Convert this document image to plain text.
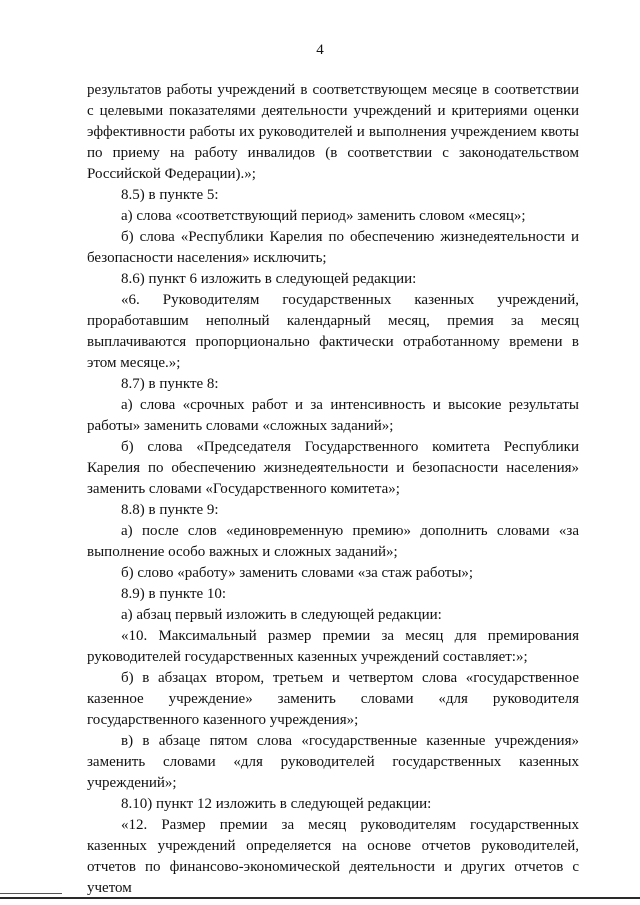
4

результатов работы учреждений в соответствующем месяце в соответствии с целевыми показателями деятельности учреждений и критериями оценки эффективности работы их руководителей и выполнения учреждением квоты по приему на работу инвалидов (в соответствии с законодательством Российской Федерации).»;

8.5) в пункте 5:

а) слова «соответствующий период» заменить словом «месяц»;

б) слова «Республики Карелия по обеспечению жизнедеятельности и безопасности населения» исключить;

8.6) пункт 6 изложить в следующей редакции:

«6. Руководителям государственных казенных учреждений, проработавшим неполный календарный месяц, премия за месяц выплачиваются пропорционально фактически отработанному времени в этом месяце.»;

8.7) в пункте 8:

а) слова «срочных работ и за интенсивность и высокие результаты работы» заменить словами «сложных заданий»;

б) слова «Председателя Государственного комитета Республики Карелия по обеспечению жизнедеятельности и безопасности населения» заменить словами «Государственного комитета»;

8.8) в пункте 9:

а) после слов «единовременную премию» дополнить словами «за выполнение особо важных и сложных заданий»;

б) слово «работу» заменить словами «за стаж работы»;

8.9) в пункте 10:

а) абзац первый изложить в следующей редакции:

«10. Максимальный размер премии за месяц для премирования руководителей государственных казенных учреждений составляет:»;

б) в абзацах втором, третьем и четвертом слова «государственное казенное учреждение» заменить словами «для руководителя государственного казенного учреждения»;

в) в абзаце пятом слова «государственные казенные учреждения» заменить словами «для руководителей государственных казенных учреждений»;

8.10) пункт 12 изложить в следующей редакции:

«12. Размер премии за месяц руководителям государственных казенных учреждений определяется на основе отчетов руководителей, отчетов по финансово-экономической деятельности и других отчетов с учетом
